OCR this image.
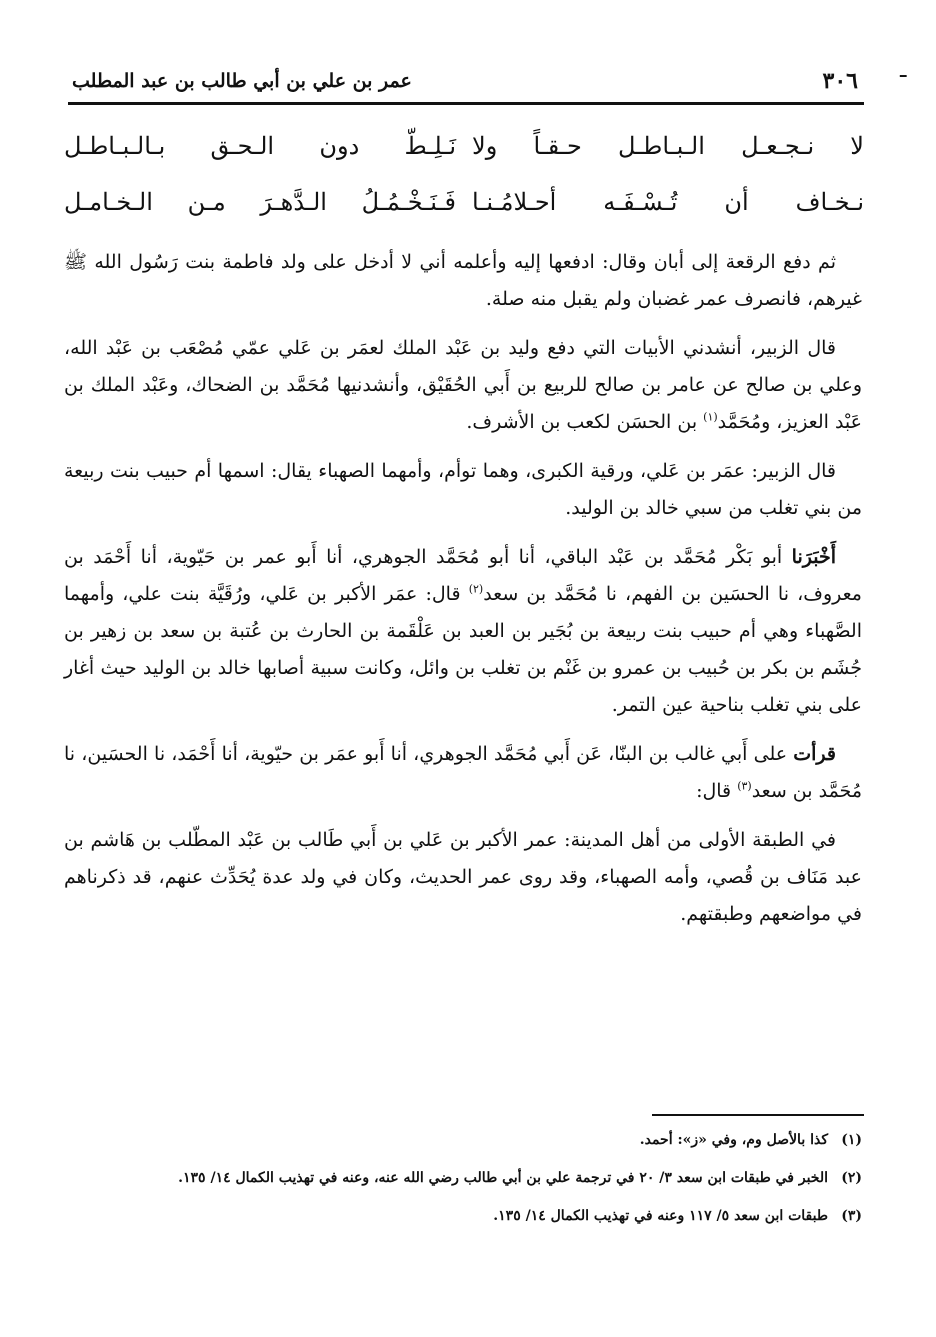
ـ
٣٠٦
عمر بن علي بن أبي طالب بن عبد المطلب
لا نـجـعـل الـبـاطـل حـقـاً ولا
نَـلِـطّ دون الـحـق بـالـبـاطـل
نـخـاف أن تُـسْـفَـه أحـلامُـنـا
فَـنَـخْـمُـلُ الـدَّهـرَ مـن الـخـامـل

ثم دفع الرقعة إلى أبان وقال: ادفعها إليه وأعلمه أني لا أدخل على ولد فاطمة بنت رَسُول الله ﷺ غيرهم، فانصرف عمر غضبان ولم يقبل منه صلة.

قال الزبير، أنشدني الأبيات التي دفع وليد بن عَبْد الملك لعمَر بن عَلي عمّي مُصْعَب بن عَبْد الله، وعلي بن صالح عن عامر بن صالح للربيع بن أَبي الحُقَيْق، وأنشدنيها مُحَمَّد بن الضحاك، وعَبْد الملك بن عَبْد العزيز، ومُحَمَّد$^{(١)}$ بن الحسَن لكعب بن الأشرف.

قال الزبير: عمَر بن عَلي، ورقية الكبرى، وهما توأم، وأمهما الصهباء يقال: اسمها أم حبيب بنت ربيعة من بني تغلب من سبي خالد بن الوليد.

أَخْبَرَنا أبو بَكْر مُحَمَّد بن عَبْد الباقي، أنا أبو مُحَمَّد الجوهري، أنا أَبو عمر بن حَيّوية، أنا أَحْمَد بن معروف، نا الحسَين بن الفهم، نا مُحَمَّد بن سعد$^{(٢)}$ قال: عمَر الأكبر بن عَلي، ورُقَيَّة بنت علي، وأمهما الصَّهباء وهي أم حبيب بنت ربيعة بن بُجَير بن العبد بن عَلْقَمة بن الحارث بن عُتبة بن سعد بن زهير بن جُشَم بن بكر بن حُبيب بن عمرو بن غَنْم بن تغلب بن وائل، وكانت سبية أصابها خالد بن الوليد حيث أغار على بني تغلب بناحية عين التمر.

قرأت على أَبي غالب بن البنّا، عَن أَبي مُحَمَّد الجوهري، أنا أَبو عمَر بن حيّوية، أنا أَحْمَد، نا الحسَين، نا مُحَمَّد بن سعد$^{(٣)}$ قال:

في الطبقة الأولى من أهل المدينة: عمر الأكبر بن عَلي بن أَبي طَالب بن عَبْد المطّلب بن هَاشم بن عبد مَنَاف بن قُصي، وأمه الصهباء، وقد روى عمر الحديث، وكان في ولد عدة يُحَدِّث عنهم، قد ذكرناهم في مواضعهم وطبقتهم.

(١)
كذا بالأصل وم، وفي «ز»: أحمد.
(٢)
الخبر في طبقات ابن سعد ٣/ ٢٠ في ترجمة علي بن أبي طالب رضي الله عنه، وعنه في تهذيب الكمال ١٤/ ١٣٥.
(٣)
طبقات ابن سعد ٥/ ١١٧ وعنه في تهذيب الكمال ١٤/ ١٣٥.
